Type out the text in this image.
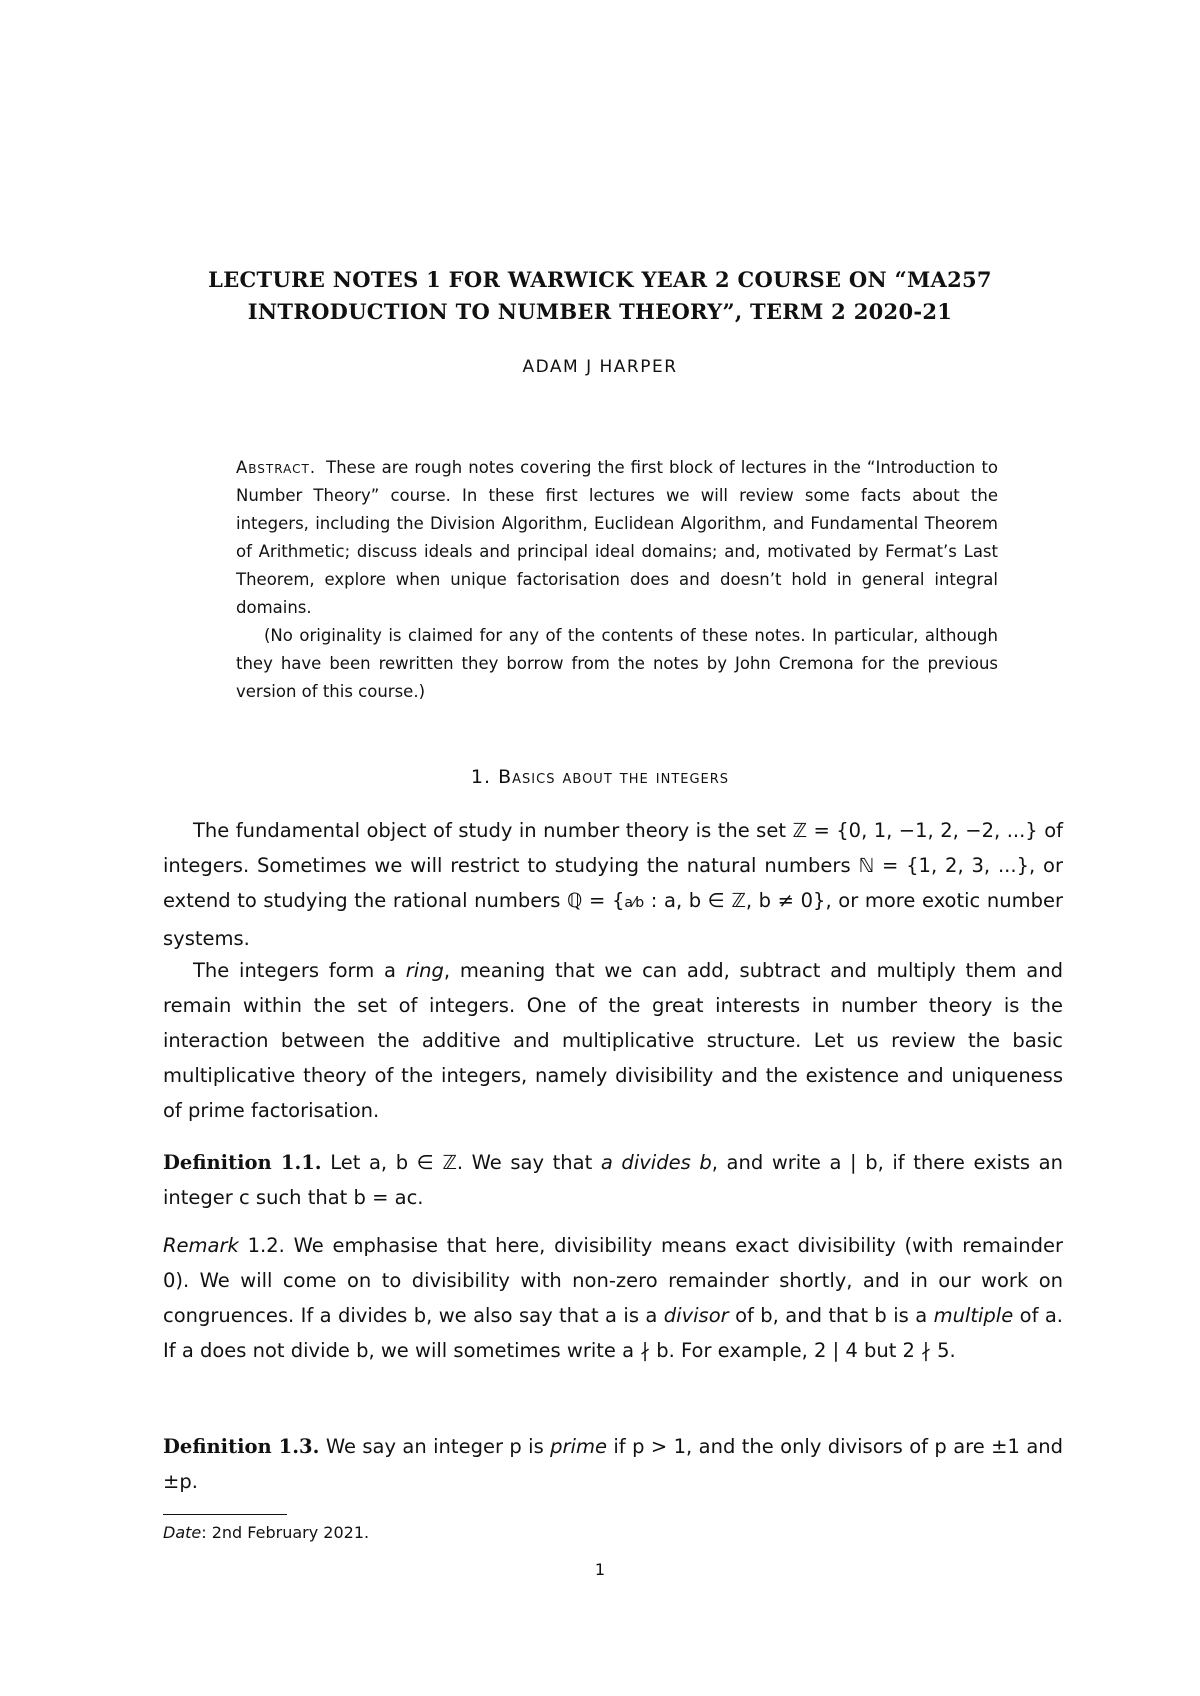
LECTURE NOTES 1 FOR WARWICK YEAR 2 COURSE ON “MA257
INTRODUCTION TO NUMBER THEORY”, TERM 2 2020-21
ADAM J HARPER

Abstract. These are rough notes covering the first block of lectures in the “Introduction to Number Theory” course. In these first lectures we will review some facts about the integers, including the Division Algorithm, Euclidean Algorithm, and Fundamental Theorem of Arithmetic; discuss ideals and principal ideal domains; and, motivated by Fermat’s Last Theorem, explore when unique factorisation does and doesn’t hold in general integral domains.

(No originality is claimed for any of the contents of these notes. In particular, although they have been rewritten they borrow from the notes by John Cremona for the previous version of this course.)

1. Basics about the integers

The fundamental object of study in number theory is the set ℤ = {0, 1, −1, 2, −2, ...} of integers. Sometimes we will restrict to studying the natural numbers ℕ = {1, 2, 3, ...}, or extend to studying the rational numbers ℚ = {a⁄b : a, b ∈ ℤ, b ≠ 0}, or more exotic number systems.

The integers form a ring, meaning that we can add, subtract and multiply them and remain within the set of integers. One of the great interests in number theory is the interaction between the additive and multiplicative structure. Let us review the basic multiplicative theory of the integers, namely divisibility and the existence and uniqueness of prime factorisation.

Definition 1.1. Let a, b ∈ ℤ. We say that a divides b, and write a | b, if there exists an integer c such that b = ac.

Remark 1.2. We emphasise that here, divisibility means exact divisibility (with remainder 0). We will come on to divisibility with non-zero remainder shortly, and in our work on congruences. If a divides b, we also say that a is a divisor of b, and that b is a multiple of a. If a does not divide b, we will sometimes write a ∤ b. For example, 2 | 4 but 2 ∤ 5.

Definition 1.3. We say an integer p is prime if p > 1, and the only divisors of p are ±1 and ±p.

Date: 2nd February 2021.
1
